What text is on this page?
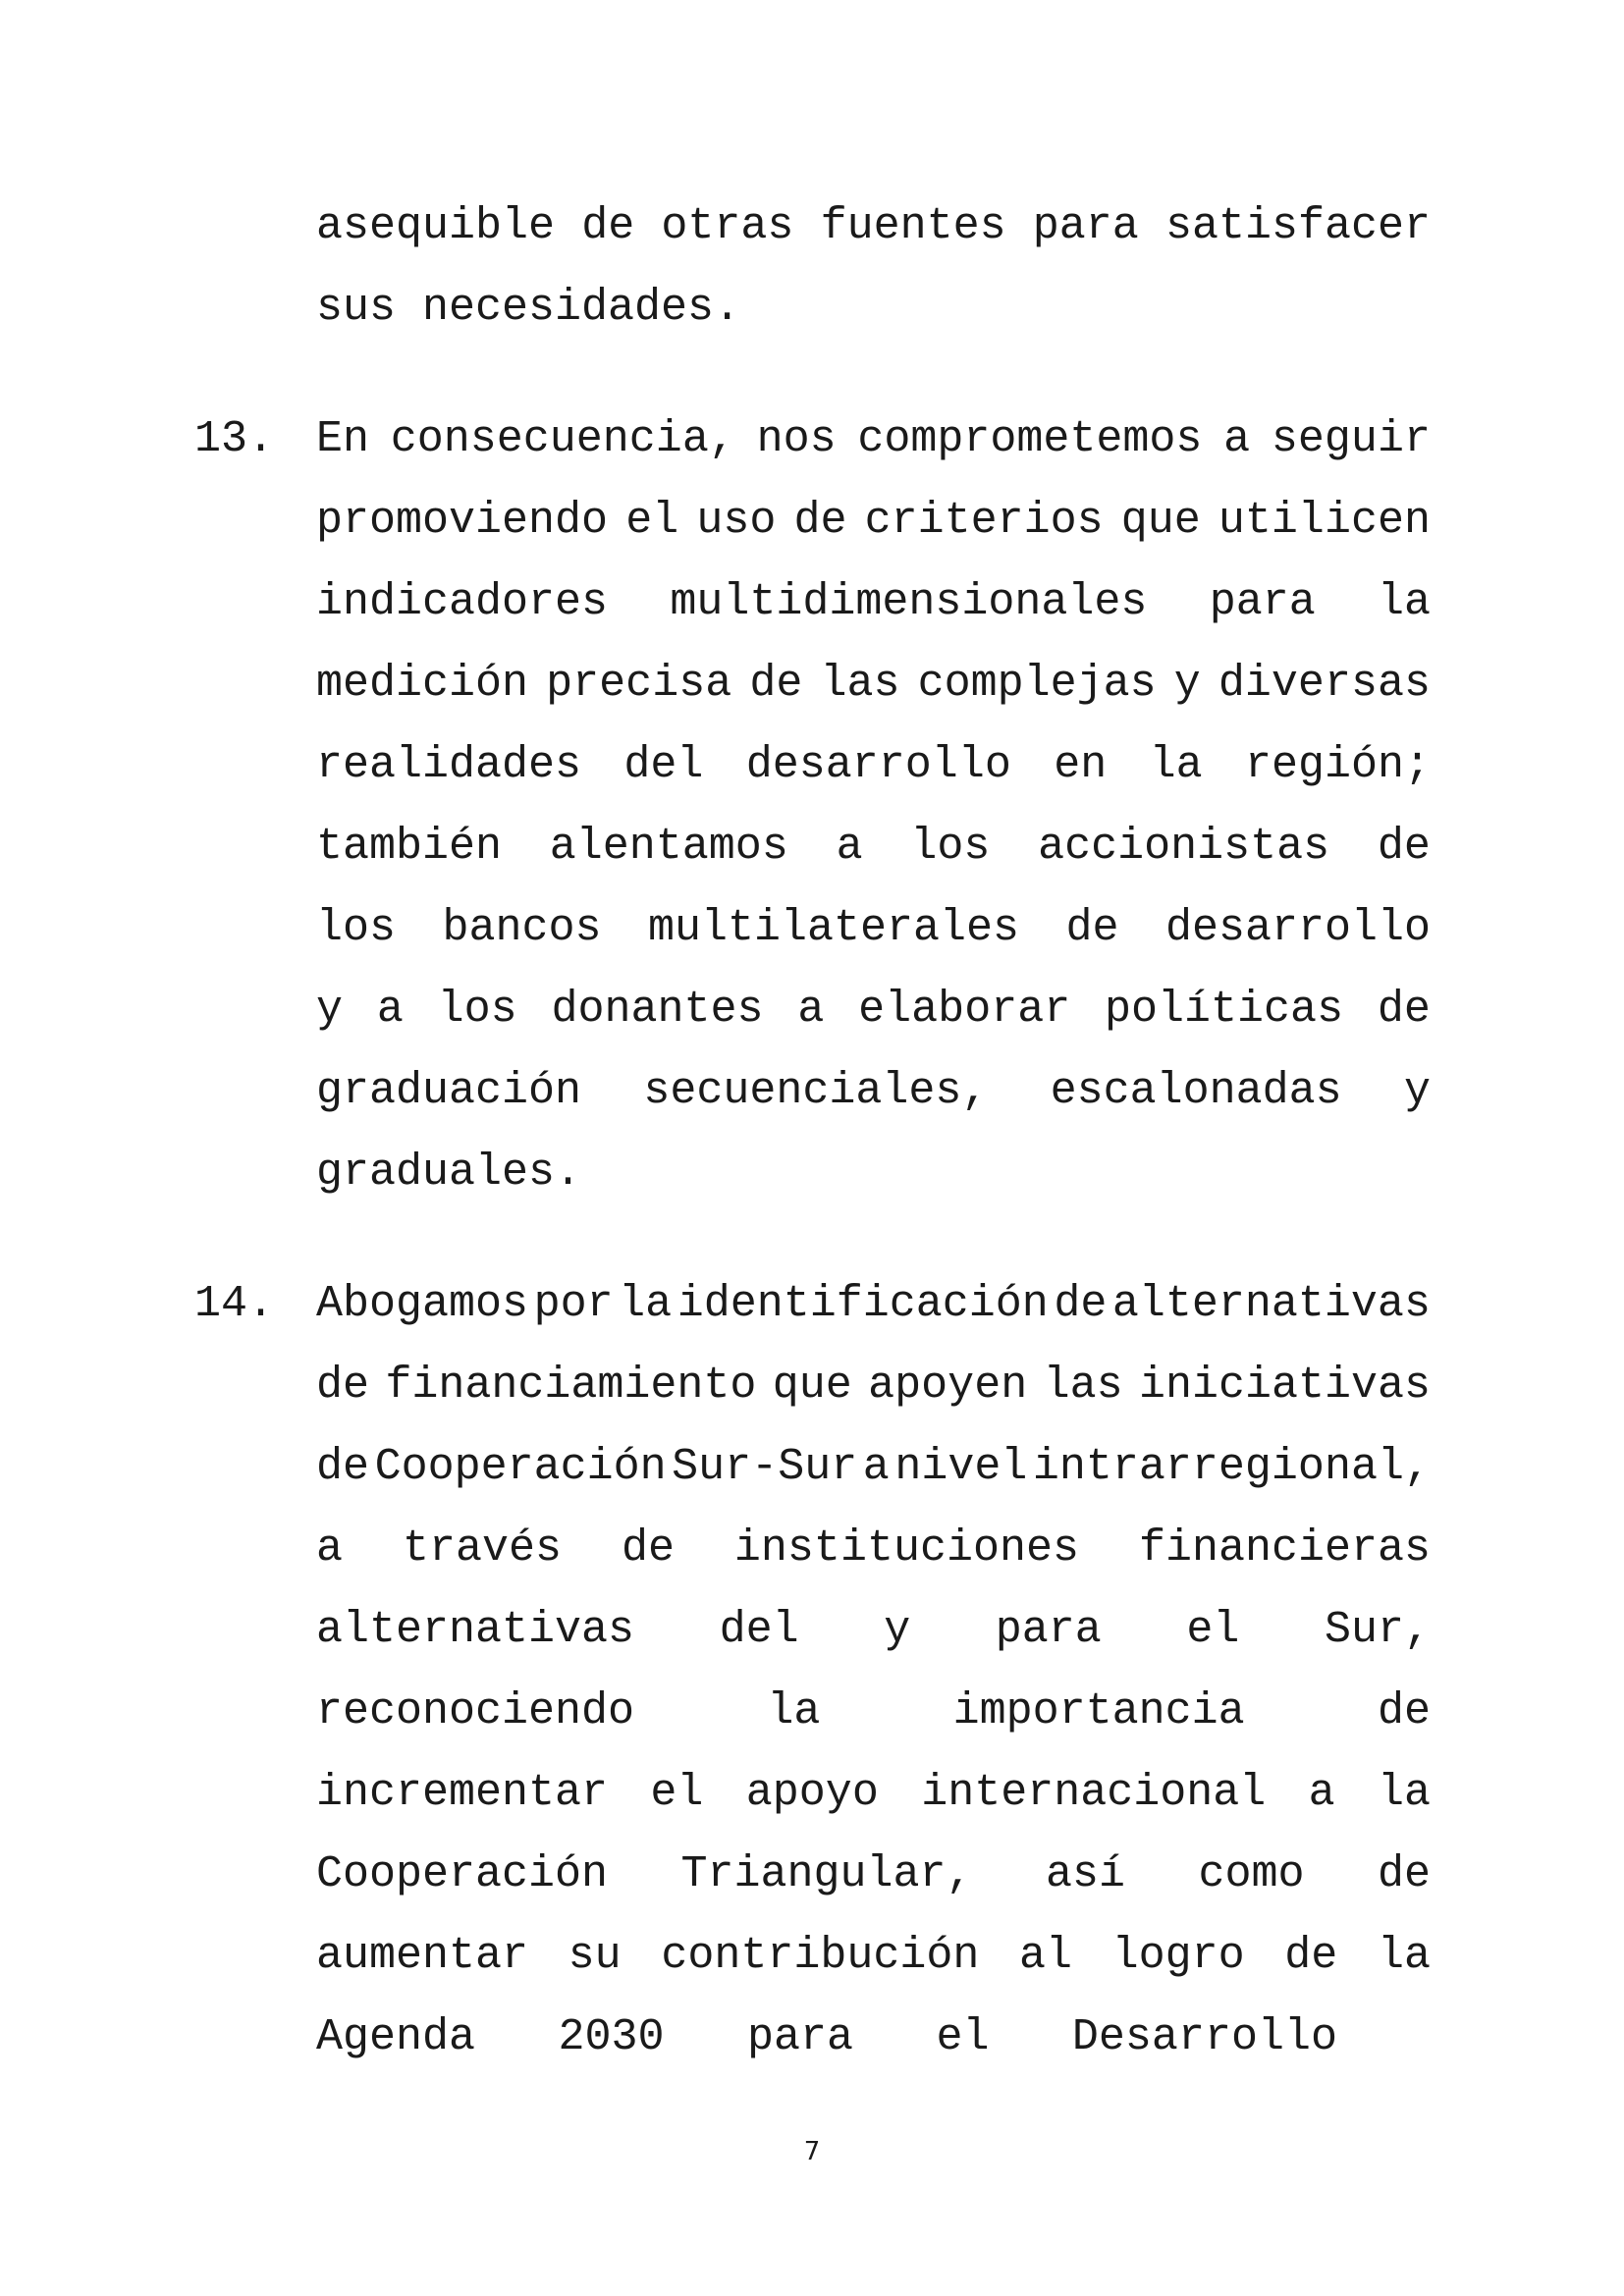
asequible de otras fuentes para satisfacer
sus necesidades.
13. En consecuencia, nos comprometemos a seguir
promoviendo el uso de criterios que utilicen
indicadores multidimensionales para la
medición precisa de las complejas y diversas
realidades del desarrollo en la región;
también alentamos a los accionistas de
los bancos multilaterales de desarrollo
y a los donantes a elaborar políticas de
graduación secuenciales, escalonadas y
graduales.
14. Abogamos por la identificación de alternativas
de financiamiento que apoyen las iniciativas
de Cooperación Sur-Sur a nivel intrarregional,
a través de instituciones financieras
alternativas del y para el Sur,
reconociendo	la	importancia	de
incrementar el apoyo internacional a la
Cooperación Triangular, así como de
aumentar su contribución al logro de la
Agenda 2030 para el Desarrollo
7
